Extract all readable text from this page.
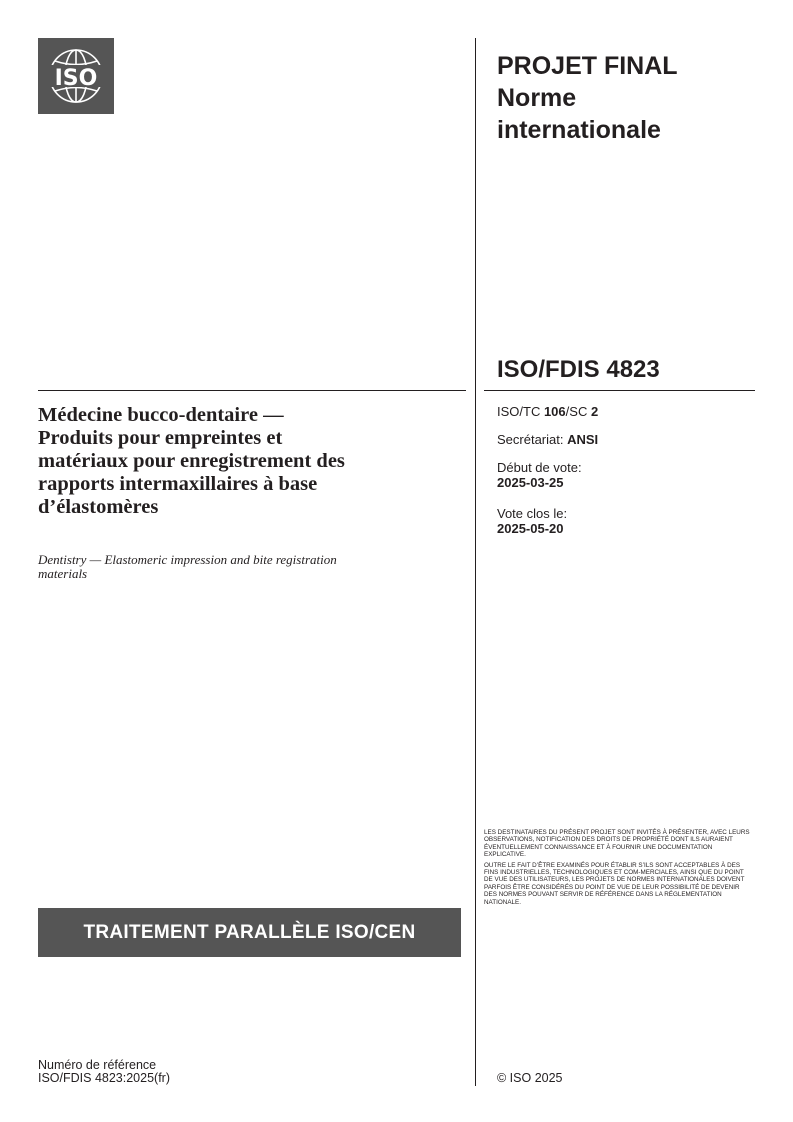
ISO	PROJET FINAL
Norme
internationale
ISO/FDIS 4823
ISO/TC 106/SC 2
Secrétariat: ANSI
Début de vote:
2025-03-25
Vote clos le:
2025-05-20
Médecine bucco-dentaire —
Produits pour empreintes et
matériaux pour enregistrement des
rapports intermaxillaires à base
d’élastomères
Dentistry — Elastomeric impression and bite registration
materials
TRAITEMENT PARALLÈLE ISO/CEN

LES DESTINATAIRES DU PRÉSENT PROJET SONT INVITÉS À PRÉSENTER, AVEC LEURS OBSERVATIONS, NOTIFICATION DES DROITS DE PROPRIÉTÉ DONT ILS AURAIENT ÉVENTUELLEMENT CONNAISSANCE ET À FOURNIR UNE DOCUMENTATION EXPLICATIVE.

OUTRE LE FAIT D’ÊTRE EXAMINÉS POUR ÉTABLIR S’ILS SONT ACCEPTABLES À DES FINS INDUSTRIELLES, TECHNOLOGIQUES ET COM-MERCIALES, AINSI QUE DU POINT DE VUE DES UTILISATEURS, LES PROJETS DE NORMES INTERNATIONALES DOIVENT PARFOIS ÊTRE CONSIDÉRÉS DU POINT DE VUE DE LEUR POSSIBILITÉ DE DEVENIR DES NORMES POUVANT SERVIR DE RÉFÉRENCE DANS LA RÉGLEMENTATION NATIONALE.

Numéro de référence
ISO/FDIS 4823:2025(fr)	© ISO 2025
